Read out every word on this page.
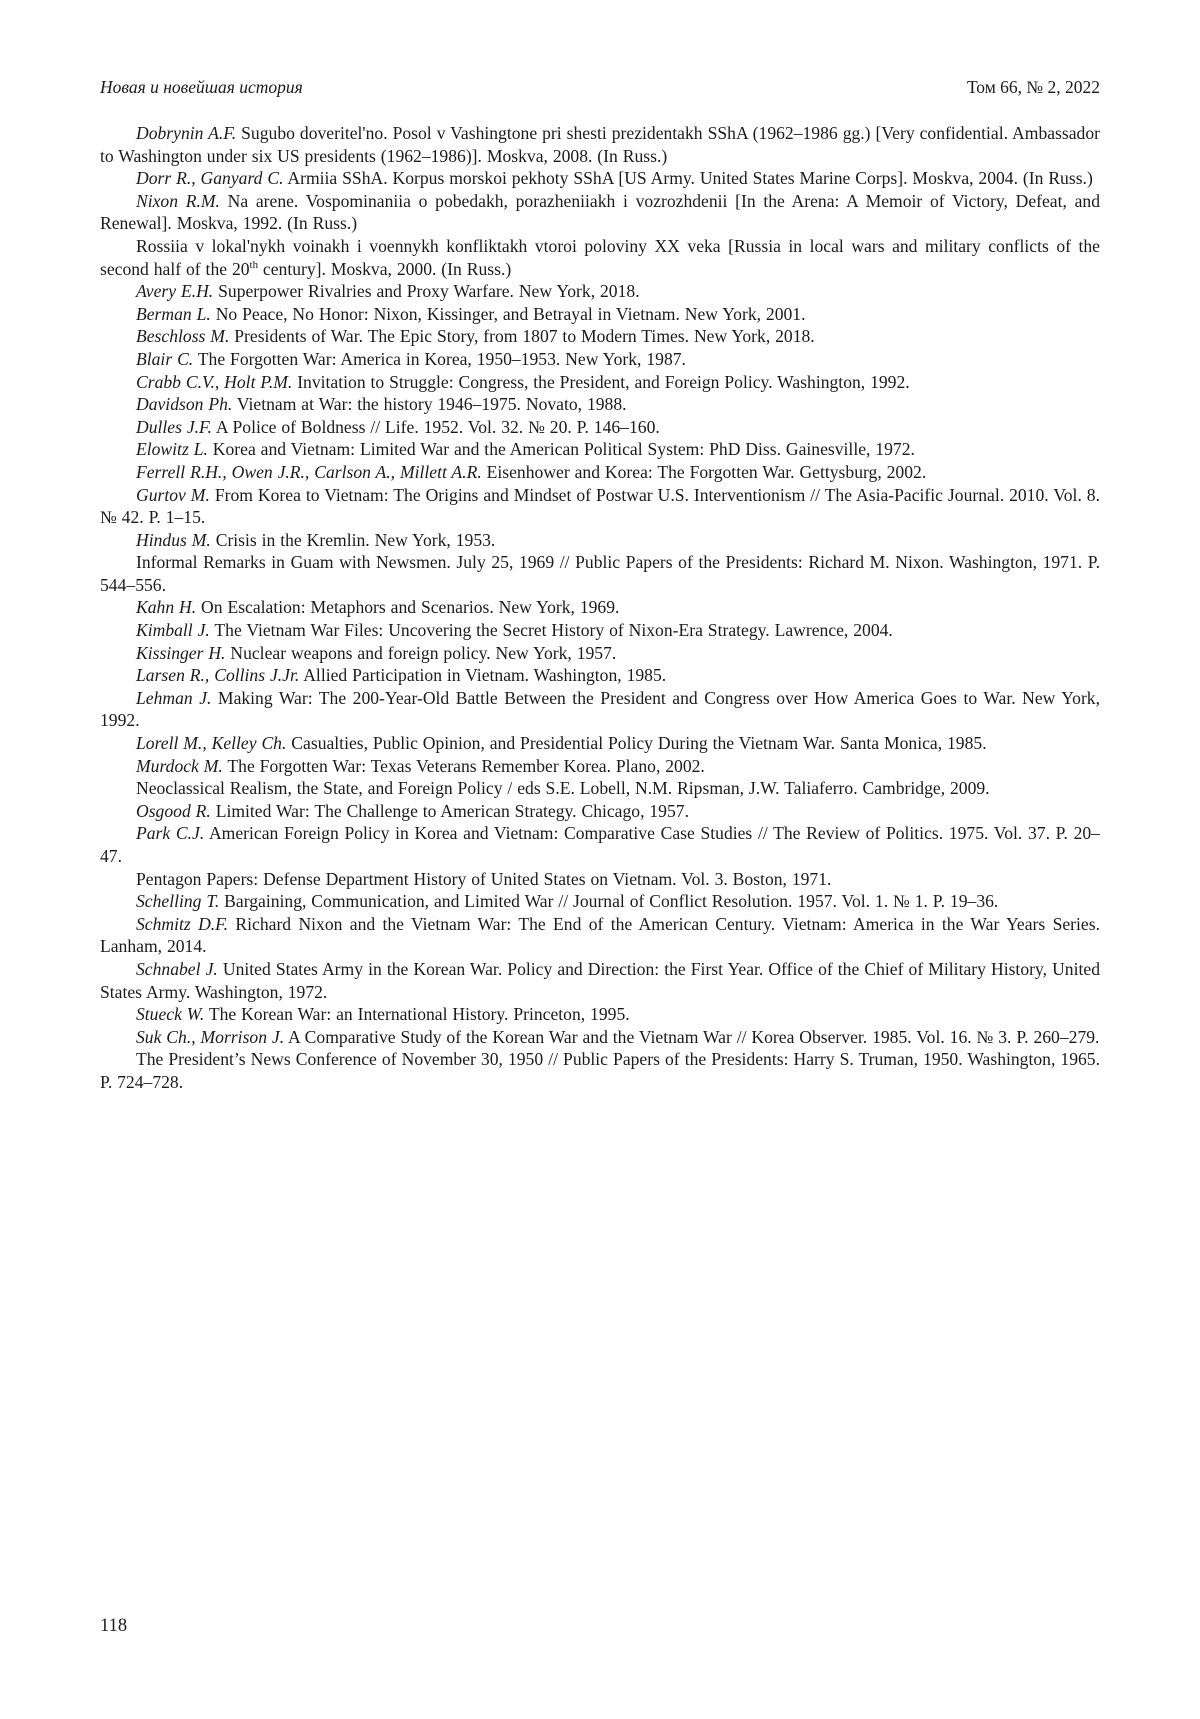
Новая и новейшая история	Том 66, № 2, 2022

Dobrynin A.F. Sugubo doveritel'no. Posol v Vashingtone pri shesti prezidentakh SShA (1962–1986 gg.) [Very confidential. Ambassador to Washington under six US presidents (1962–1986)]. Moskva, 2008. (In Russ.)

Dorr R., Ganyard C. Armiia SShA. Korpus morskoi pekhoty SShA [US Army. United States Marine Corps]. Moskva, 2004. (In Russ.)

Nixon R.M. Na arene. Vospominaniia o pobedakh, porazheniiakh i vozrozhdenii [In the Arena: A Memoir of Victory, Defeat, and Renewal]. Moskva, 1992. (In Russ.)

Rossiia v lokal'nykh voinakh i voennykh konfliktakh vtoroi poloviny XX veka [Russia in local wars and military conflicts of the second half of the 20th century]. Moskva, 2000. (In Russ.)

Avery E.H. Superpower Rivalries and Proxy Warfare. New York, 2018.

Berman L. No Peace, No Honor: Nixon, Kissinger, and Betrayal in Vietnam. New York, 2001.

Beschloss M. Presidents of War. The Epic Story, from 1807 to Modern Times. New York, 2018.

Blair C. The Forgotten War: America in Korea, 1950–1953. New York, 1987.

Crabb C.V., Holt P.M. Invitation to Struggle: Congress, the President, and Foreign Policy. Washington, 1992.

Davidson Ph. Vietnam at War: the history 1946–1975. Novato, 1988.

Dulles J.F. A Police of Boldness // Life. 1952. Vol. 32. № 20. P. 146–160.

Elowitz L. Korea and Vietnam: Limited War and the American Political System: PhD Diss. Gainesville, 1972.

Ferrell R.H., Owen J.R., Carlson A., Millett A.R. Eisenhower and Korea: The Forgotten War. Gettysburg, 2002.

Gurtov M. From Korea to Vietnam: The Origins and Mindset of Postwar U.S. Interventionism // The Asia-Pacific Journal. 2010. Vol. 8. № 42. P. 1–15.

Hindus M. Crisis in the Kremlin. New York, 1953.

Informal Remarks in Guam with Newsmen. July 25, 1969 // Public Papers of the Presidents: Richard M. Nixon. Washington, 1971. P. 544–556.

Kahn H. On Escalation: Metaphors and Scenarios. New York, 1969.

Kimball J. The Vietnam War Files: Uncovering the Secret History of Nixon-Era Strategy. Lawrence, 2004.

Kissinger H. Nuclear weapons and foreign policy. New York, 1957.

Larsen R., Collins J.Jr. Allied Participation in Vietnam. Washington, 1985.

Lehman J. Making War: The 200-Year-Old Battle Between the President and Congress over How America Goes to War. New York, 1992.

Lorell M., Kelley Ch. Casualties, Public Opinion, and Presidential Policy During the Vietnam War. Santa Monica, 1985.

Murdock M. The Forgotten War: Texas Veterans Remember Korea. Plano, 2002.

Neoclassical Realism, the State, and Foreign Policy / eds S.E. Lobell, N.M. Ripsman, J.W. Taliaferro. Cambridge, 2009.

Osgood R. Limited War: The Challenge to American Strategy. Chicago, 1957.

Park C.J. American Foreign Policy in Korea and Vietnam: Comparative Case Studies // The Review of Politics. 1975. Vol. 37. P. 20–47.

Pentagon Papers: Defense Department History of United States on Vietnam. Vol. 3. Boston, 1971.

Schelling T. Bargaining, Communication, and Limited War // Journal of Conflict Resolution. 1957. Vol. 1. № 1. P. 19–36.

Schmitz D.F. Richard Nixon and the Vietnam War: The End of the American Century. Vietnam: America in the War Years Series. Lanham, 2014.

Schnabel J. United States Army in the Korean War. Policy and Direction: the First Year. Office of the Chief of Military History, United States Army. Washington, 1972.

Stueck W. The Korean War: an International History. Princeton, 1995.

Suk Ch., Morrison J. A Comparative Study of the Korean War and the Vietnam War // Korea Observer. 1985. Vol. 16. № 3. P. 260–279.

The President’s News Conference of November 30, 1950 // Public Papers of the Presidents: Harry S. Truman, 1950. Washington, 1965. P. 724–728.

118
